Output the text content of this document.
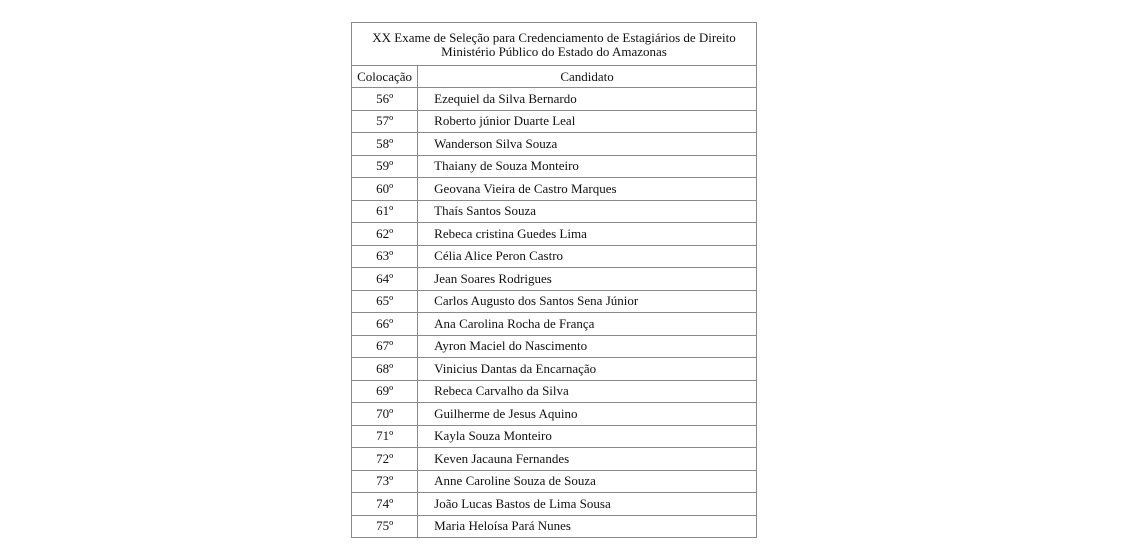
XX Exame de Seleção para Credenciamento de Estagiários de Direito
Ministério Público do Estado do Amazonas	

Colocação	Candidato
56º	Ezequiel da Silva Bernardo
57º	Roberto júnior Duarte Leal
58º	Wanderson Silva Souza
59º	Thaiany de Souza Monteiro
60º	Geovana Vieira de Castro Marques
61º	Thaís Santos Souza
62º	Rebeca cristina Guedes Lima
63º	Célia Alice Peron Castro
64º	Jean Soares Rodrigues
65º	Carlos Augusto dos Santos Sena Júnior
66º	Ana Carolina Rocha de França
67º	Ayron Maciel do Nascimento
68º	Vinicius Dantas da Encarnação
69º	Rebeca Carvalho da Silva
70º	Guilherme de Jesus Aquino
71º	Kayla Souza Monteiro
72º	Keven Jacauna Fernandes
73º	Anne Caroline Souza de Souza
74º	João Lucas Bastos de Lima Sousa
75º	Maria Heloísa Pará Nunes
